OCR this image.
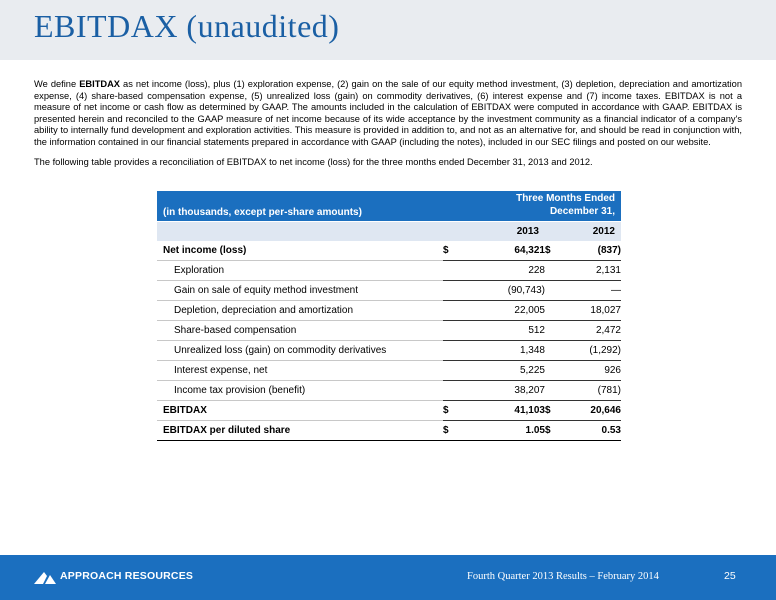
EBITDAX (unaudited)

We define EBITDAX as net income (loss), plus (1) exploration expense, (2) gain on the sale of our equity method investment, (3) depletion, depreciation and amortization expense, (4) share-based compensation expense, (5) unrealized loss (gain) on commodity derivatives, (6) interest expense and (7) income taxes. EBITDAX is not a measure of net income or cash flow as determined by GAAP. The amounts included in the calculation of EBITDAX were computed in accordance with GAAP. EBITDAX is presented herein and reconciled to the GAAP measure of net income because of its wide acceptance by the investment community as a financial indicator of a company's ability to internally fund development and exploration activities. This measure is provided in addition to, and not as an alternative for, and should be read in conjunction with, the information contained in our financial statements prepared in accordance with GAAP (including the notes), included in our SEC filings and posted on our website.

The following table provides a reconciliation of EBITDAX to net income (loss) for the three months ended December 31, 2013 and 2012.

(in thousands, except per-share amounts)	Three Months Ended
December 31,			

	2013		2012	
Net income (loss)	$	64,321	$	(837)
Exploration		228		2,131
Gain on sale of equity method investment		(90,743)		—
Depletion, depreciation and amortization		22,005		18,027
Share-based compensation		512		2,472
Unrealized loss (gain) on commodity derivatives		1,348		(1,292)
Interest expense, net		5,225		926
Income tax provision (benefit)		38,207		(781)
EBITDAX	$	41,103	$	20,646
EBITDAX per diluted share	$	1.05	$	0.53
APPROACH RESOURCES	Fourth Quarter 2013 Results – February 2014	25
